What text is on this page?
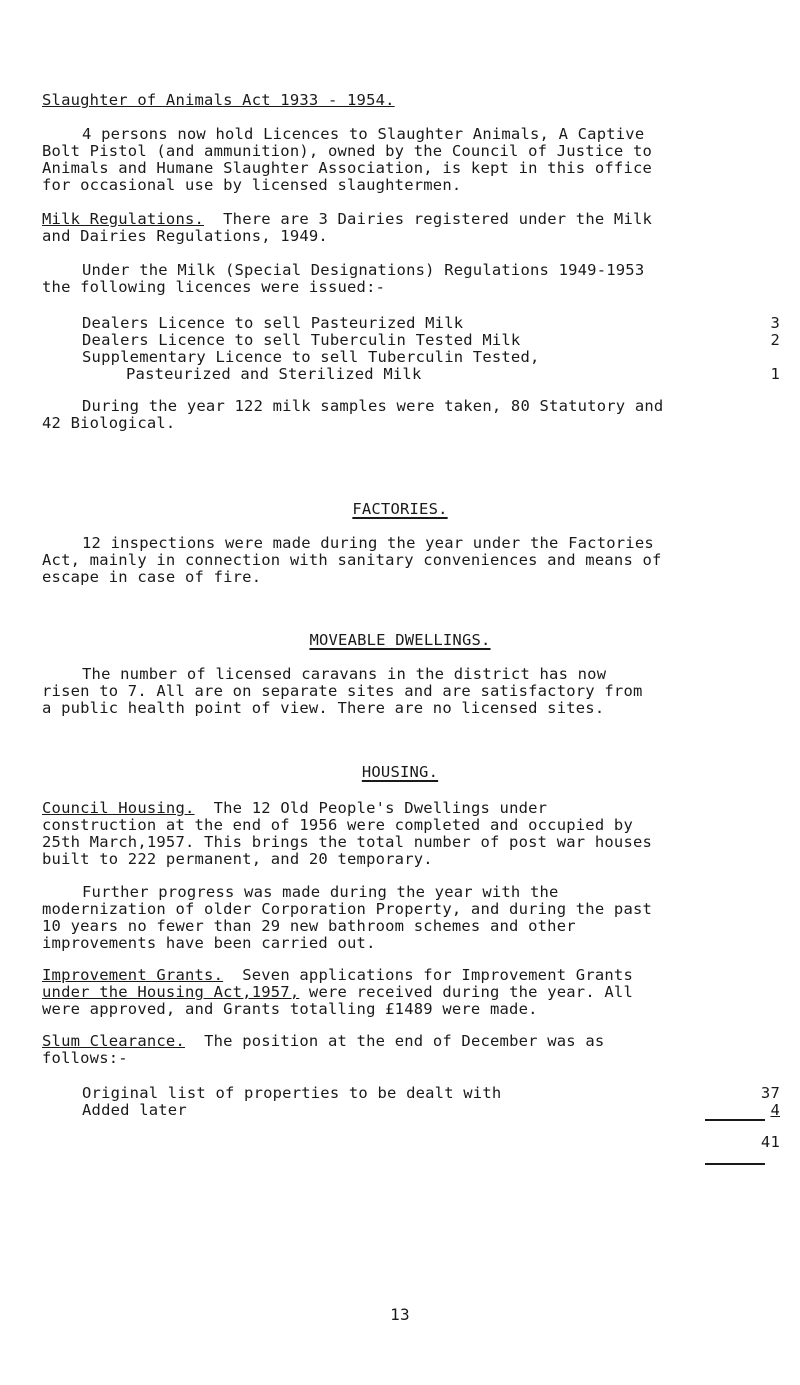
Slaughter of Animals Act 1933 - 1954.
4 persons now hold Licences to Slaughter Animals, A Captive
Bolt Pistol (and ammunition), owned by the Council of Justice to
Animals and Humane Slaughter Association, is kept in this office
for occasional use by licensed slaughtermen.
Milk Regulations. There are 3 Dairies registered under the Milk
and Dairies Regulations, 1949.
Under the Milk (Special Designations) Regulations 1949-1953
the following licences were issued:-
Dealers Licence to sell Pasteurized Milk	3
Dealers Licence to sell Tuberculin Tested Milk	2
Supplementary Licence to sell Tuberculin Tested,
Pasteurized and Sterilized Milk	1
During the year 122 milk samples were taken, 80 Statutory and
42 Biological.
FACTORIES.
12 inspections were made during the year under the Factories
Act, mainly in connection with sanitary conveniences and means of
escape in case of fire.
MOVEABLE DWELLINGS.
The number of licensed caravans in the district has now
risen to 7. All are on separate sites and are satisfactory from
a public health point of view. There are no licensed sites.
HOUSING.
Council Housing. The 12 Old People's Dwellings under
construction at the end of 1956 were completed and occupied by
25th March,1957. This brings the total number of post war houses
built to 222 permanent, and 20 temporary.
Further progress was made during the year with the
modernization of older Corporation Property, and during the past
10 years no fewer than 29 new bathroom schemes and other
improvements have been carried out.
Improvement Grants. Seven applications for Improvement Grants
under the Housing Act,1957, were received during the year. All
were approved, and Grants totalling £1489 were made.
Slum Clearance. The position at the end of December was as
follows:-
Original list of properties to be dealt with	37
Added later	4
41
13
